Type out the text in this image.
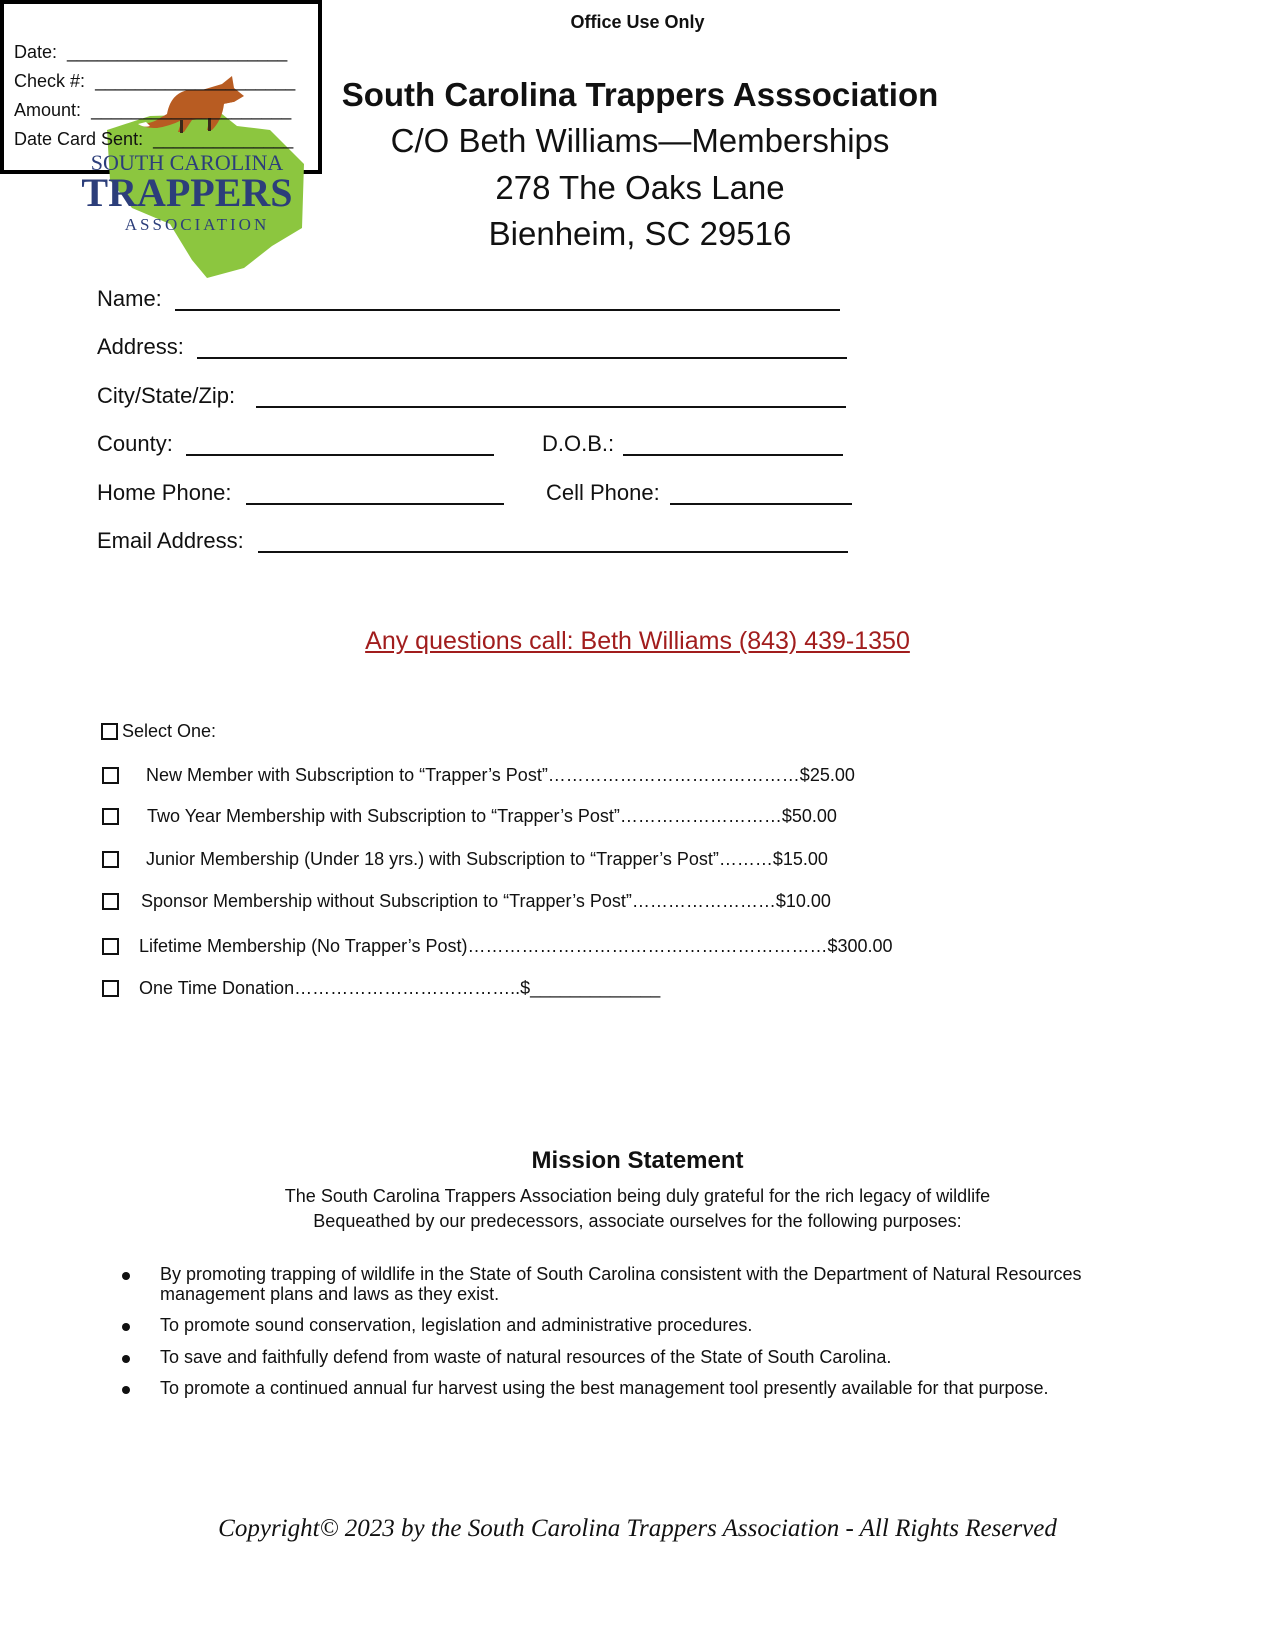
SOUTH CAROLINA
TRAPPERS
ASSOCIATION
South Carolina Trappers Asssociation
C/O Beth Williams—Memberships
278 The Oaks Lane
Bienheim, SC 29516
Office Use Only
Date: ______________________
Check #: ____________________
Amount: ____________________
Date Card Sent: ______________
Name:
Address:
City/State/Zip:
County:	D.O.B.:
Home Phone:	Cell Phone:
Email Address:
Any questions call: Beth Williams (843) 439-1350
Select One:
New Member with Subscription to “Trapper’s Post”……………………………………$25.00
Two Year Membership with Subscription to “Trapper’s Post”………………………$50.00
Junior Membership (Under 18 yrs.) with Subscription to “Trapper’s Post”………$15.00
Sponsor Membership without Subscription to “Trapper’s Post”……………………$10.00
Lifetime Membership (No Trapper’s Post)……………………………………………………$300.00
One Time Donation………………………………..$_____________
Mission Statement
The South Carolina Trappers Association being duly grateful for the rich legacy of wildlife
Bequeathed by our predecessors, associate ourselves for the following purposes:
By promoting trapping of wildlife in the State of South Carolina consistent with the Department of Natural Resources management plans and laws as they exist.
To promote sound conservation, legislation and administrative procedures.
To save and faithfully defend from waste of natural resources of the State of South Carolina.
To promote a continued annual fur harvest using the best management tool presently available for that purpose.
Copyright© 2023 by the South Carolina Trappers Association - All Rights Reserved
